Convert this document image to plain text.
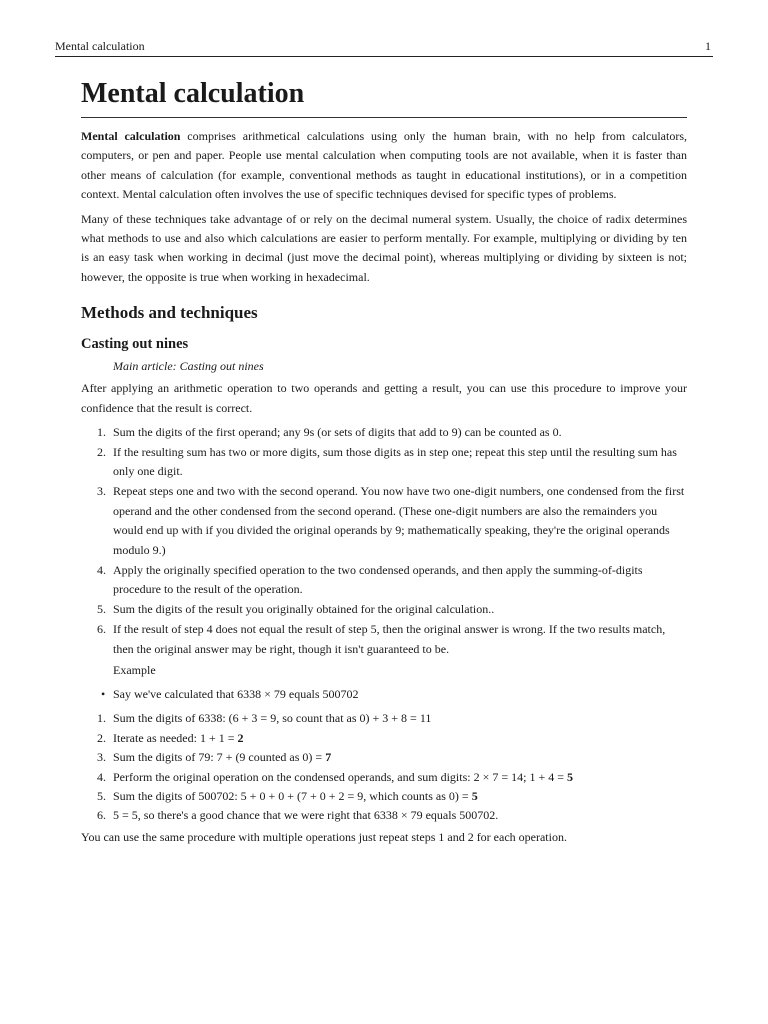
Mental calculation	1
Mental calculation

Mental calculation comprises arithmetical calculations using only the human brain, with no help from calculators, computers, or pen and paper. People use mental calculation when computing tools are not available, when it is faster than other means of calculation (for example, conventional methods as taught in educational institutions), or in a competition context. Mental calculation often involves the use of specific techniques devised for specific types of problems.

Many of these techniques take advantage of or rely on the decimal numeral system. Usually, the choice of radix determines what methods to use and also which calculations are easier to perform mentally. For example, multiplying or dividing by ten is an easy task when working in decimal (just move the decimal point), whereas multiplying or dividing by sixteen is not; however, the opposite is true when working in hexadecimal.

Methods and techniques
Casting out nines
Main article: Casting out nines

After applying an arithmetic operation to two operands and getting a result, you can use this procedure to improve your confidence that the result is correct.

1. Sum the digits of the first operand; any 9s (or sets of digits that add to 9) can be counted as 0.
2. If the resulting sum has two or more digits, sum those digits as in step one; repeat this step until the resulting sum has only one digit.
3. Repeat steps one and two with the second operand. You now have two one-digit numbers, one condensed from the first operand and the other condensed from the second operand. (These one-digit numbers are also the remainders you would end up with if you divided the original operands by 9; mathematically speaking, they're the original operands modulo 9.)
4. Apply the originally specified operation to the two condensed operands, and then apply the summing-of-digits procedure to the result of the operation.
5. Sum the digits of the result you originally obtained for the original calculation..
6. If the result of step 4 does not equal the result of step 5, then the original answer is wrong. If the two results match, then the original answer may be right, though it isn't guaranteed to be.
Example
• Say we've calculated that 6338 × 79 equals 500702
1. Sum the digits of 6338: (6 + 3 = 9, so count that as 0) + 3 + 8 = 11
2. Iterate as needed: 1 + 1 = 2
3. Sum the digits of 79: 7 + (9 counted as 0) = 7
4. Perform the original operation on the condensed operands, and sum digits: 2 × 7 = 14; 1 + 4 = 5
5. Sum the digits of 500702: 5 + 0 + 0 + (7 + 0 + 2 = 9, which counts as 0) = 5
6. 5 = 5, so there's a good chance that we were right that 6338 × 79 equals 500702.

You can use the same procedure with multiple operations just repeat steps 1 and 2 for each operation.
